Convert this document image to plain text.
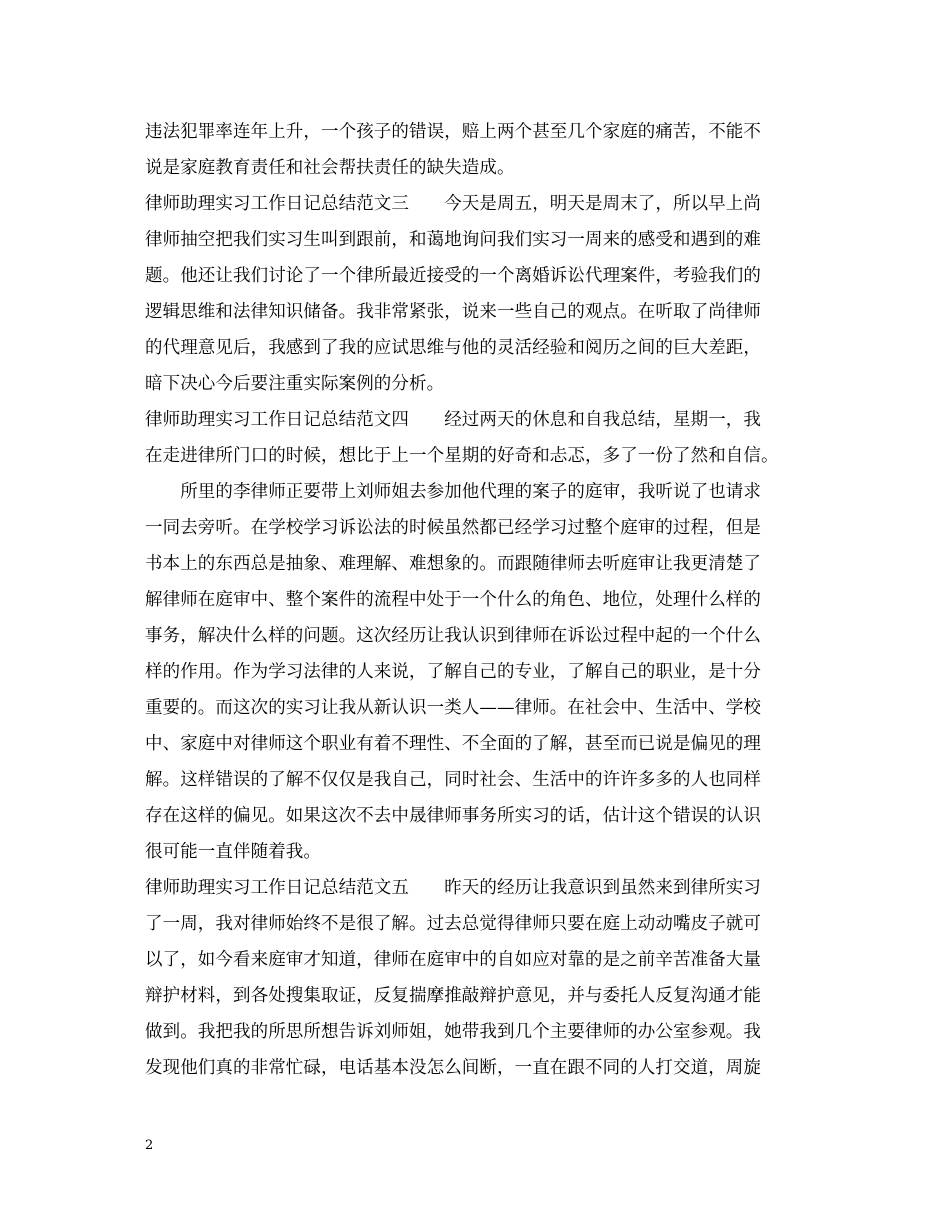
违法犯罪率连年上升，一个孩子的错误，赔上两个甚至几个家庭的痛苦，不能不
说是家庭教育责任和社会帮扶责任的缺失造成。
律师助理实习工作日记总结范文三　　今天是周五，明天是周末了，所以早上尚
律师抽空把我们实习生叫到跟前，和蔼地询问我们实习一周来的感受和遇到的难
题。他还让我们讨论了一个律所最近接受的一个离婚诉讼代理案件，考验我们的
逻辑思维和法律知识储备。我非常紧张，说来一些自己的观点。在听取了尚律师
的代理意见后，我感到了我的应试思维与他的灵活经验和阅历之间的巨大差距，
暗下决心今后要注重实际案例的分析。
律师助理实习工作日记总结范文四　　经过两天的休息和自我总结，星期一，我
在走进律所门口的时候，想比于上一个星期的好奇和忐忑，多了一份了然和自信。
　　所里的李律师正要带上刘师姐去参加他代理的案子的庭审，我听说了也请求
一同去旁听。在学校学习诉讼法的时候虽然都已经学习过整个庭审的过程，但是
书本上的东西总是抽象、难理解、难想象的。而跟随律师去听庭审让我更清楚了
解律师在庭审中、整个案件的流程中处于一个什么的角色、地位，处理什么样的
事务，解决什么样的问题。这次经历让我认识到律师在诉讼过程中起的一个什么
样的作用。作为学习法律的人来说，了解自己的专业，了解自己的职业，是十分
重要的。而这次的实习让我从新认识一类人——律师。在社会中、生活中、学校
中、家庭中对律师这个职业有着不理性、不全面的了解，甚至而已说是偏见的理
解。这样错误的了解不仅仅是我自己，同时社会、生活中的许许多多的人也同样
存在这样的偏见。如果这次不去中晟律师事务所实习的话，估计这个错误的认识
很可能一直伴随着我。
律师助理实习工作日记总结范文五　　昨天的经历让我意识到虽然来到律所实习
了一周，我对律师始终不是很了解。过去总觉得律师只要在庭上动动嘴皮子就可
以了，如今看来庭审才知道，律师在庭审中的自如应对靠的是之前辛苦准备大量
辩护材料，到各处搜集取证，反复揣摩推敲辩护意见，并与委托人反复沟通才能
做到。我把我的所思所想告诉刘师姐，她带我到几个主要律师的办公室参观。我
发现他们真的非常忙碌，电话基本没怎么间断，一直在跟不同的人打交道，周旋
2
